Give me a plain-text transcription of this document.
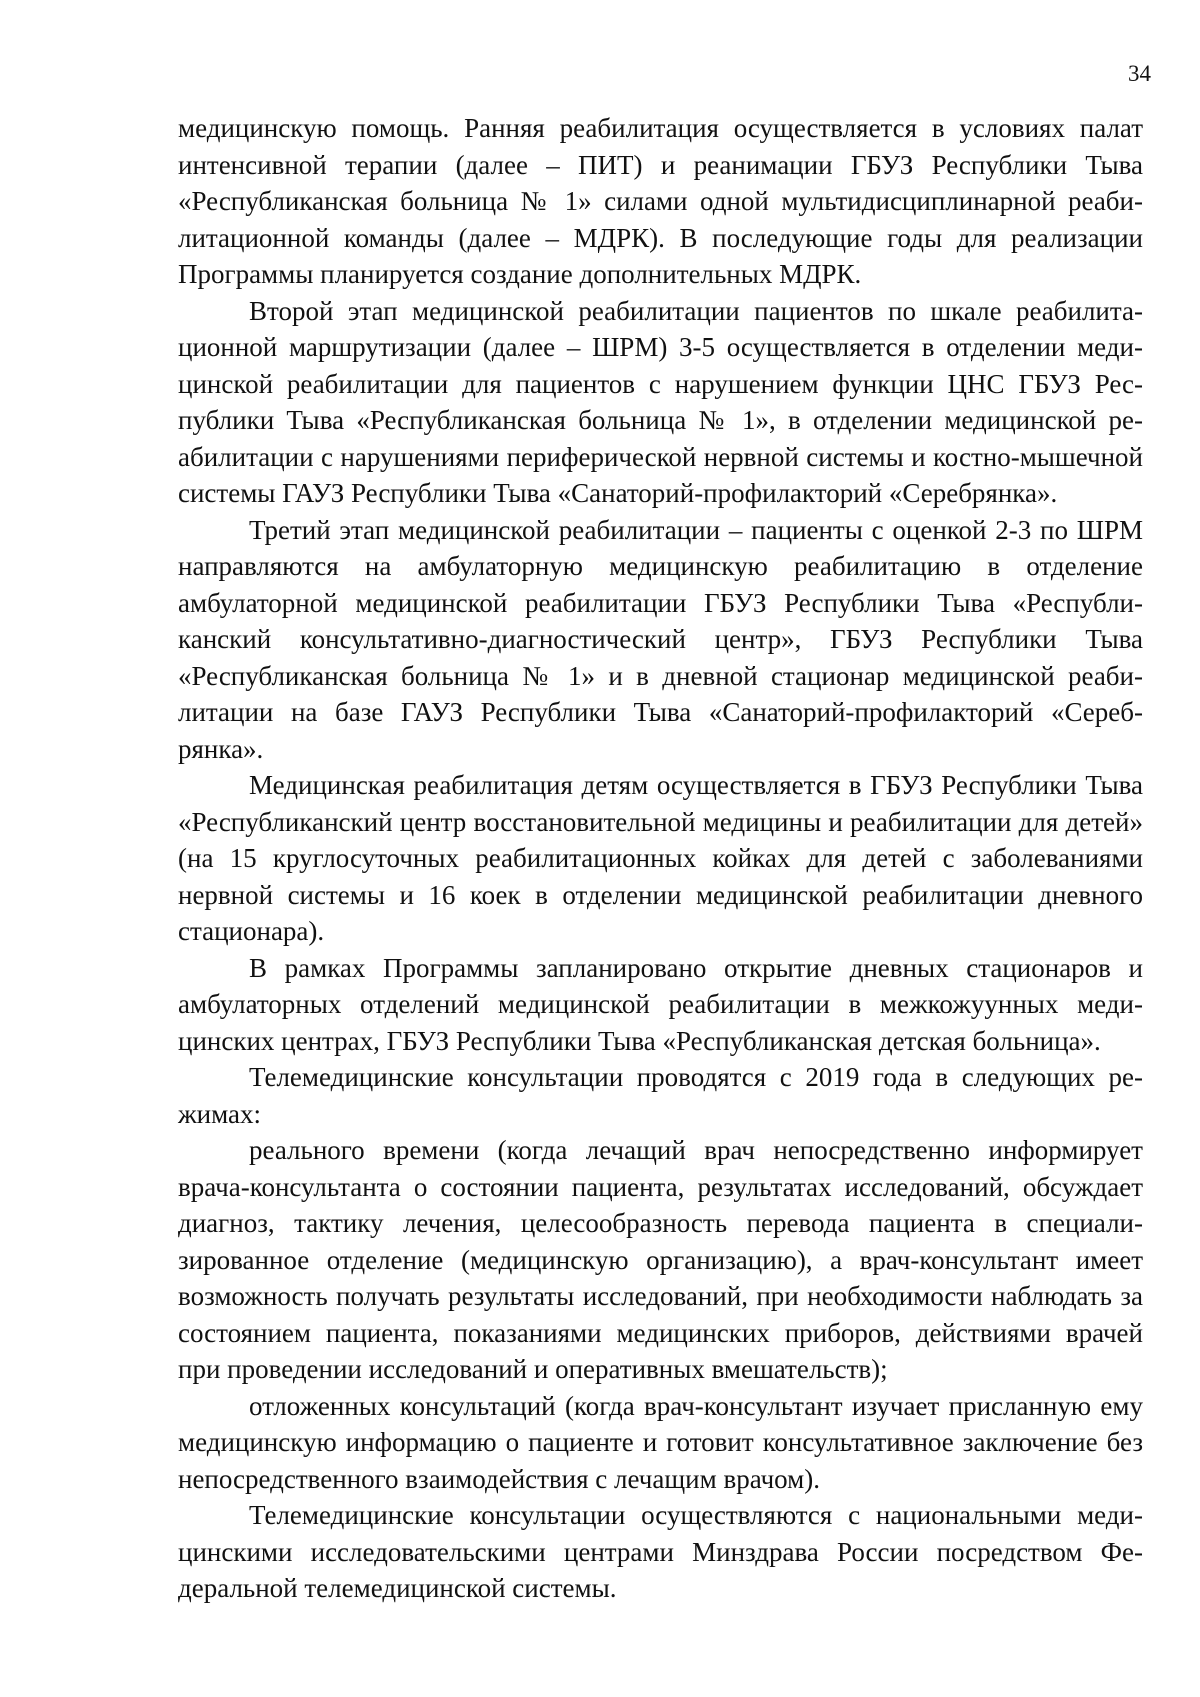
34

медицинскую помощь. Ранняя реабилитация осуществляется в условиях палат интенсивной терапии (далее – ПИТ) и реанимации ГБУЗ Республики Тыва «Республиканская больница № 1» силами одной мультидисциплинарной реабилитационной команды (далее – МДРК). В последующие годы для реализации Программы планируется создание дополнительных МДРК.

Второй этап медицинской реабилитации пациентов по шкале реабилитационной маршрутизации (далее – ШРМ) 3-5 осуществляется в отделении медицинской реабилитации для пациентов с нарушением функции ЦНС ГБУЗ Республики Тыва «Республиканская больница № 1», в отделении медицинской реабилитации с нарушениями периферической нервной системы и костно-мышечной системы ГАУЗ Республики Тыва «Санаторий-профилакторий «Серебрянка».

Третий этап медицинской реабилитации – пациенты с оценкой 2-3 по ШРМ направляются на амбулаторную медицинскую реабилитацию в отделение амбулаторной медицинской реабилитации ГБУЗ Республики Тыва «Республиканский консультативно-диагностический центр», ГБУЗ Республики Тыва «Республиканская больница № 1» и в дневной стационар медицинской реабилитации на базе ГАУЗ Республики Тыва «Санаторий-профилакторий «Серебрянка».

Медицинская реабилитация детям осуществляется в ГБУЗ Республики Тыва «Республиканский центр восстановительной медицины и реабилитации для детей» (на 15 круглосуточных реабилитационных койках для детей с заболеваниями нервной системы и 16 коек в отделении медицинской реабилитации дневного стационара).

В рамках Программы запланировано открытие дневных стационаров и амбулаторных отделений медицинской реабилитации в межкожуунных медицинских центрах, ГБУЗ Республики Тыва «Республиканская детская больница».

Телемедицинские консультации проводятся с 2019 года в следующих режимах:

реального времени (когда лечащий врач непосредственно информирует врача-консультанта о состоянии пациента, результатах исследований, обсуждает диагноз, тактику лечения, целесообразность перевода пациента в специализированное отделение (медицинскую организацию), а врач-консультант имеет возможность получать результаты исследований, при необходимости наблюдать за состоянием пациента, показаниями медицинских приборов, действиями врачей при проведении исследований и оперативных вмешательств);

отложенных консультаций (когда врач-консультант изучает присланную ему медицинскую информацию о пациенте и готовит консультативное заключение без непосредственного взаимодействия с лечащим врачом).

Телемедицинские консультации осуществляются с национальными медицинскими исследовательскими центрами Минздрава России посредством Федеральной телемедицинской системы.
